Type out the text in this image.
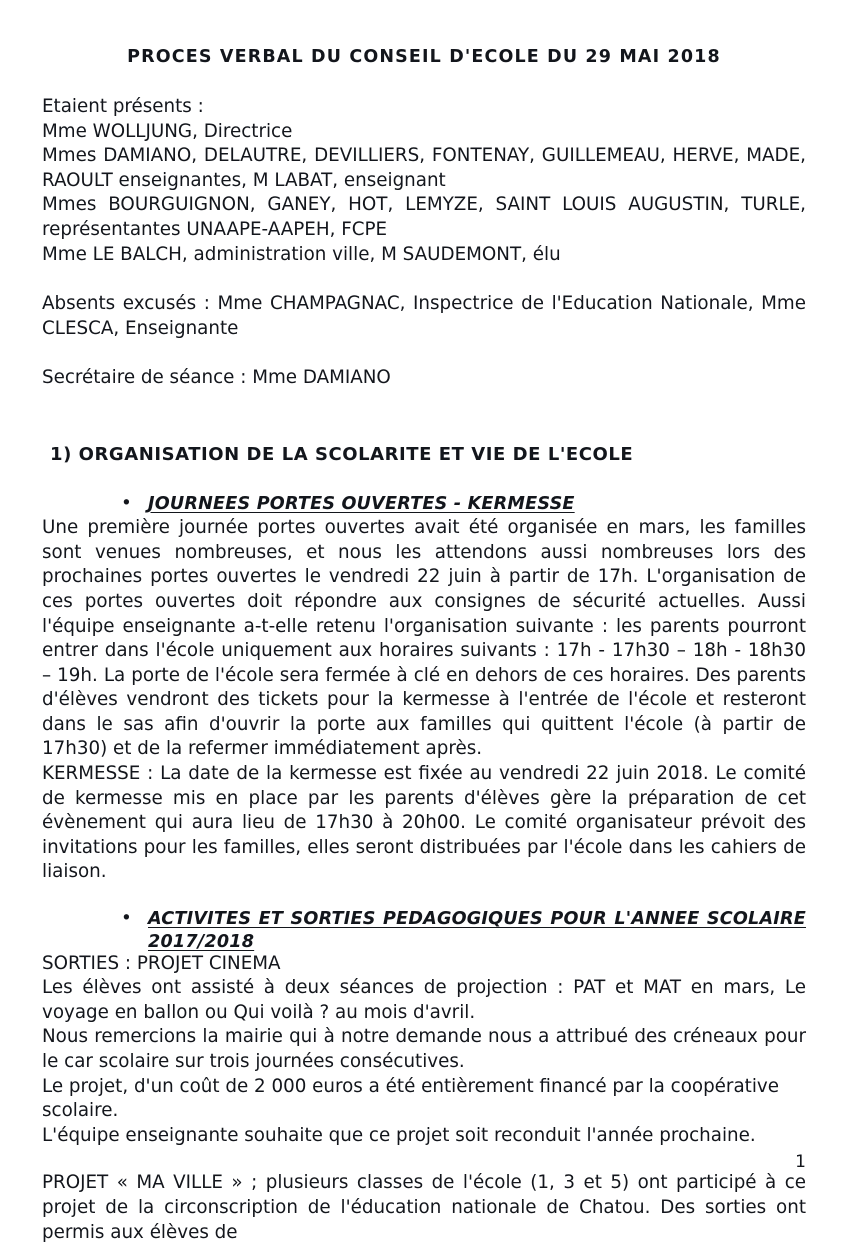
PROCES VERBAL DU CONSEIL D'ECOLE DU 29 MAI 2018
Etaient présents :
Mme WOLLJUNG, Directrice
Mmes DAMIANO, DELAUTRE, DEVILLIERS, FONTENAY, GUILLEMEAU, HERVE, MADE, RAOULT enseignantes, M LABAT, enseignant
Mmes BOURGUIGNON, GANEY, HOT, LEMYZE, SAINT LOUIS AUGUSTIN, TURLE, représentantes UNAAPE-AAPEH, FCPE
Mme LE BALCH, administration ville, M SAUDEMONT, élu
Absents excusés : Mme CHAMPAGNAC, Inspectrice de l'Education Nationale, Mme CLESCA, Enseignante
Secrétaire de séance : Mme DAMIANO
1) ORGANISATION DE LA SCOLARITE ET VIE DE L'ECOLE
• JOURNEES PORTES OUVERTES - KERMESSE
Une première journée portes ouvertes avait été organisée en mars, les familles sont venues nombreuses, et nous les attendons aussi nombreuses lors des prochaines portes ouvertes le vendredi 22 juin à partir de 17h. L'organisation de ces portes ouvertes doit répondre aux consignes de sécurité actuelles. Aussi l'équipe enseignante a-t-elle retenu l'organisation suivante : les parents pourront entrer dans l'école uniquement aux horaires suivants : 17h - 17h30 – 18h - 18h30 – 19h. La porte de l'école sera fermée à clé en dehors de ces horaires. Des parents d'élèves vendront des tickets pour la kermesse à l'entrée de l'école et resteront dans le sas afin d'ouvrir la porte aux familles qui quittent l'école (à partir de 17h30) et de la refermer immédiatement après.
KERMESSE : La date de la kermesse est fixée au vendredi 22 juin 2018. Le comité de kermesse mis en place par les parents d'élèves gère la préparation de cet évènement qui aura lieu de 17h30 à 20h00. Le comité organisateur prévoit des invitations pour les familles, elles seront distribuées par l'école dans les cahiers de liaison.
• ACTIVITES ET SORTIES PEDAGOGIQUES POUR L'ANNEE SCOLAIRE
2017/2018
SORTIES : PROJET CINEMA
Les élèves ont assisté à deux séances de projection : PAT et MAT en mars, Le voyage en ballon ou Qui voilà ? au mois d'avril.
Nous remercions la mairie qui à notre demande nous a attribué des créneaux pour le car scolaire sur trois journées consécutives.
Le projet, d'un coût de 2 000 euros a été entièrement financé par la coopérative scolaire.
L'équipe enseignante souhaite que ce projet soit reconduit l'année prochaine.
PROJET « MA VILLE » ; plusieurs classes de l'école (1, 3 et 5) ont participé à ce projet de la circonscription de l'éducation nationale de Chatou. Des sorties ont permis aux élèves de
1
